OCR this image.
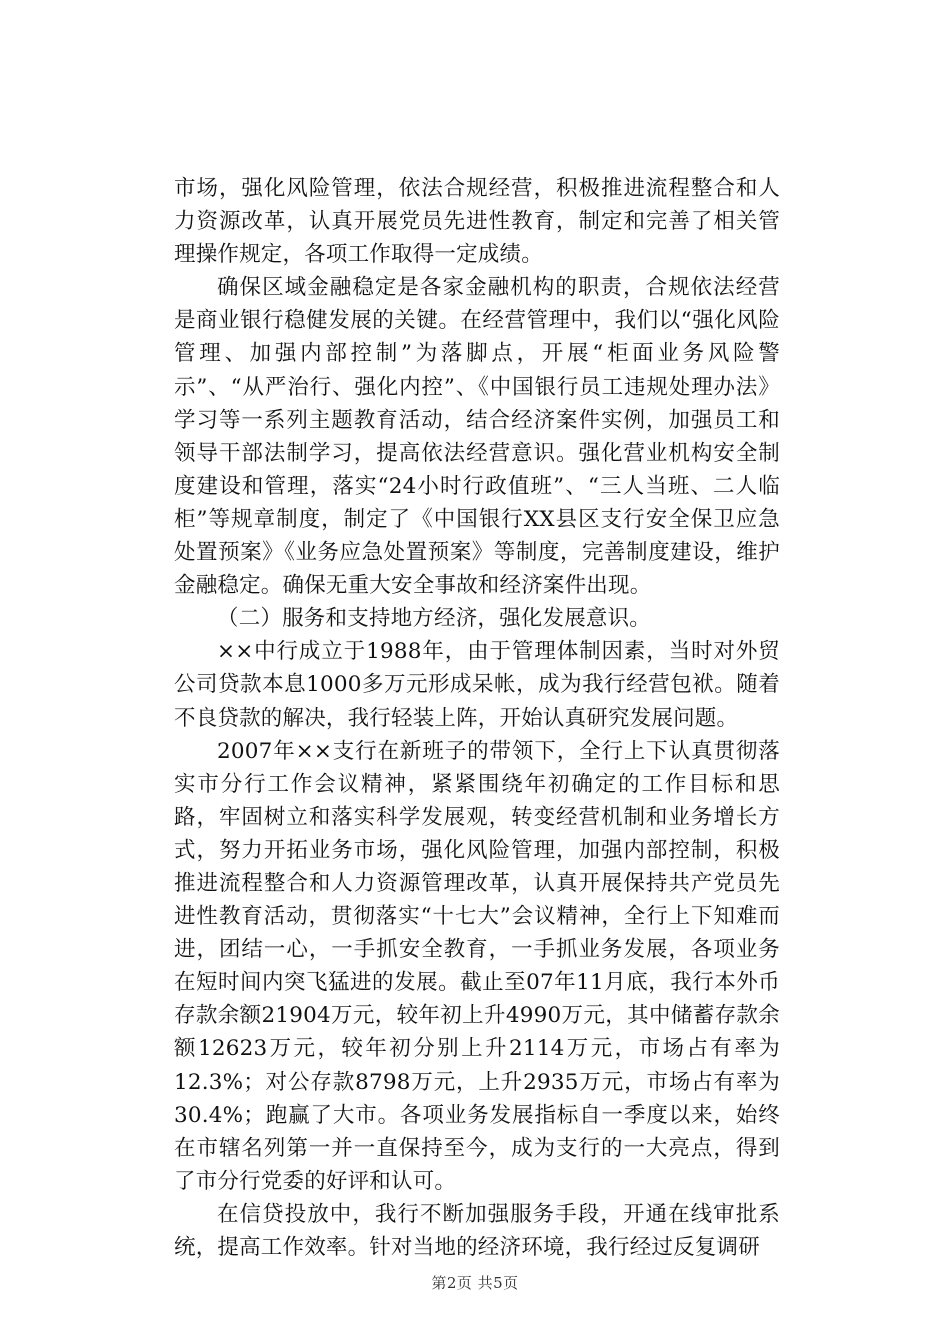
市场，强化风险管理，依法合规经营，积极推进流程整合和人力资源改革，认真开展党员先进性教育，制定和完善了相关管理操作规定，各项工作取得一定成绩。

确保区域金融稳定是各家金融机构的职责，合规依法经营是商业银行稳健发展的关键。在经营管理中，我们以“强化风险管理、加强内部控制”为落脚点，开展“柜面业务风险警示”、“从严治行、强化内控”、《中国银行员工违规处理办法》学习等一系列主题教育活动，结合经济案件实例，加强员工和领导干部法制学习，提高依法经营意识。强化营业机构安全制度建设和管理，落实“24小时行政值班”、“三人当班、二人临柜”等规章制度，制定了《中国银行XX县区支行安全保卫应急处置预案》《业务应急处置预案》等制度，完善制度建设，维护金融稳定。确保无重大安全事故和经济案件出现。

（二）服务和支持地方经济，强化发展意识。

××中行成立于1988年，由于管理体制因素，当时对外贸公司贷款本息1000多万元形成呆帐，成为我行经营包袱。随着不良贷款的解决，我行轻装上阵，开始认真研究发展问题。

2007年××支行在新班子的带领下，全行上下认真贯彻落实市分行工作会议精神，紧紧围绕年初确定的工作目标和思路，牢固树立和落实科学发展观，转变经营机制和业务增长方式，努力开拓业务市场，强化风险管理，加强内部控制，积极推进流程整合和人力资源管理改革，认真开展保持共产党员先进性教育活动，贯彻落实“十七大”会议精神，全行上下知难而进，团结一心，一手抓安全教育，一手抓业务发展，各项业务在短时间内突飞猛进的发展。截止至07年11月底，我行本外币存款余额21904万元，较年初上升4990万元，其中储蓄存款余额12623万元，较年初分别上升2114万元，市场占有率为12.3%；对公存款8798万元，上升2935万元，市场占有率为30.4%；跑赢了大市。各项业务发展指标自一季度以来，始终在市辖名列第一并一直保持至今，成为支行的一大亮点，得到了市分行党委的好评和认可。

在信贷投放中，我行不断加强服务手段，开通在线审批系统，提高工作效率。针对当地的经济环境，我行经过反复调研

第2页 共5页
